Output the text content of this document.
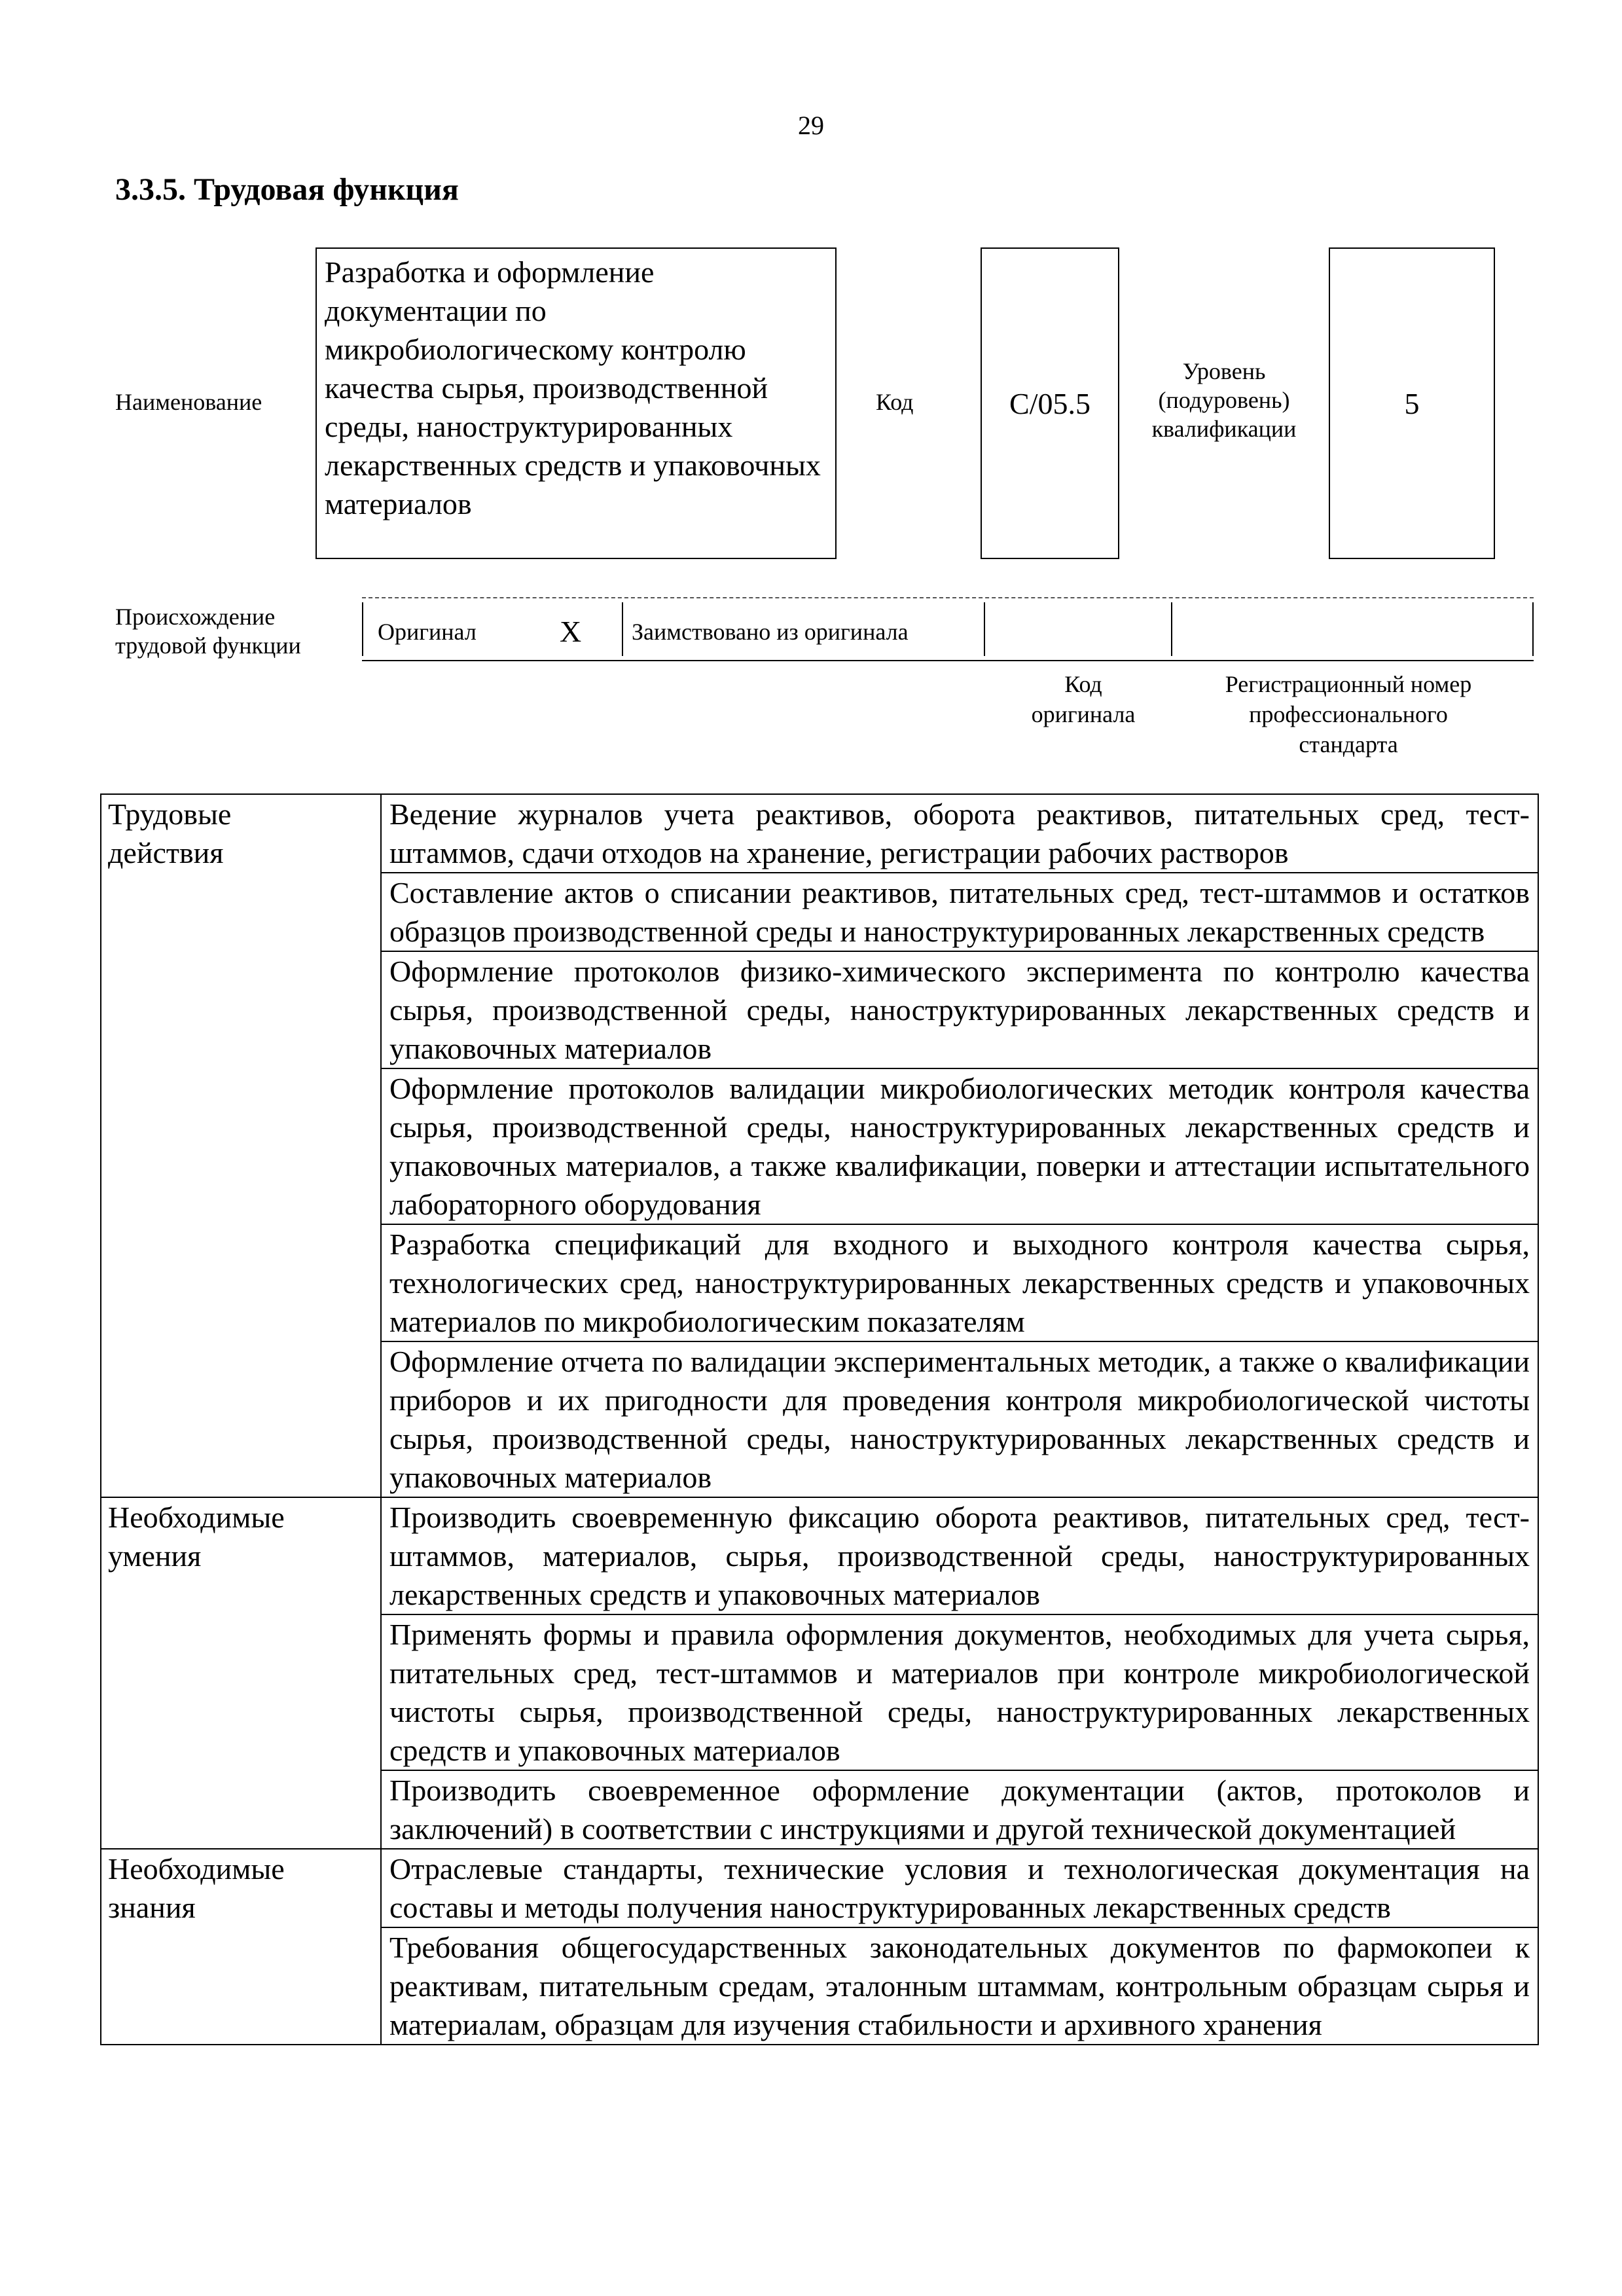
29
3.3.5. Трудовая функция
Наименование
Разработка и оформление документации по микробиологическому контролю качества сырья, производственной среды, наноструктурированных лекарственных средств и упаковочных материалов
Код	C/05.5
Уровень
(подуровень)
квалификации
5
Происхождение
трудовой функции
Оригинал	X Заимствовано из оригинала
Код
оригинала
Регистрационный номер
профессионального
стандарта
Трудовые
действия	Ведение журналов учета реактивов, оборота реактивов, питательных сред, тест-штаммов, сдачи отходов на хранение, регистрации рабочих растворов
	Составление актов о списании реактивов, питательных сред, тест-штаммов и остатков образцов производственной среды и наноструктурированных лекарственных средств
	Оформление протоколов физико-химического эксперимента по контролю качества сырья, производственной среды, наноструктурированных лекарственных средств и упаковочных материалов
	Оформление протоколов валидации микробиологических методик контроля качества сырья, производственной среды, наноструктурированных лекарственных средств и упаковочных материалов, а также квалификации, поверки и аттестации испытательного лабораторного оборудования
	Разработка спецификаций для входного и выходного контроля качества сырья, технологических сред, наноструктурированных лекарственных средств и упаковочных материалов по микробиологическим показателям
	Оформление отчета по валидации экспериментальных методик, а также о квалификации приборов и их пригодности для проведения контроля микробиологической чистоты сырья, производственной среды, наноструктурированных лекарственных средств и упаковочных материалов

Необходимые
умения	Производить своевременную фиксацию оборота реактивов, питательных сред, тест-штаммов, материалов, сырья, производственной среды, наноструктурированных лекарственных средств и упаковочных материалов
	Применять формы и правила оформления документов, необходимых для учета сырья, питательных сред, тест-штаммов и материалов при контроле микробиологической чистоты сырья, производственной среды, наноструктурированных лекарственных средств и упаковочных материалов
	Производить своевременное оформление документации (актов, протоколов и заключений) в соответствии с инструкциями и другой технической документацией

Необходимые
знания	Отраслевые стандарты, технические условия и технологическая документация на составы и методы получения наноструктурированных лекарственных средств
	Требования общегосударственных законодательных документов по фармокопеи к реактивам, питательным средам, эталонным штаммам, контрольным образцам сырья и материалам, образцам для изучения стабильности и архивного хранения
